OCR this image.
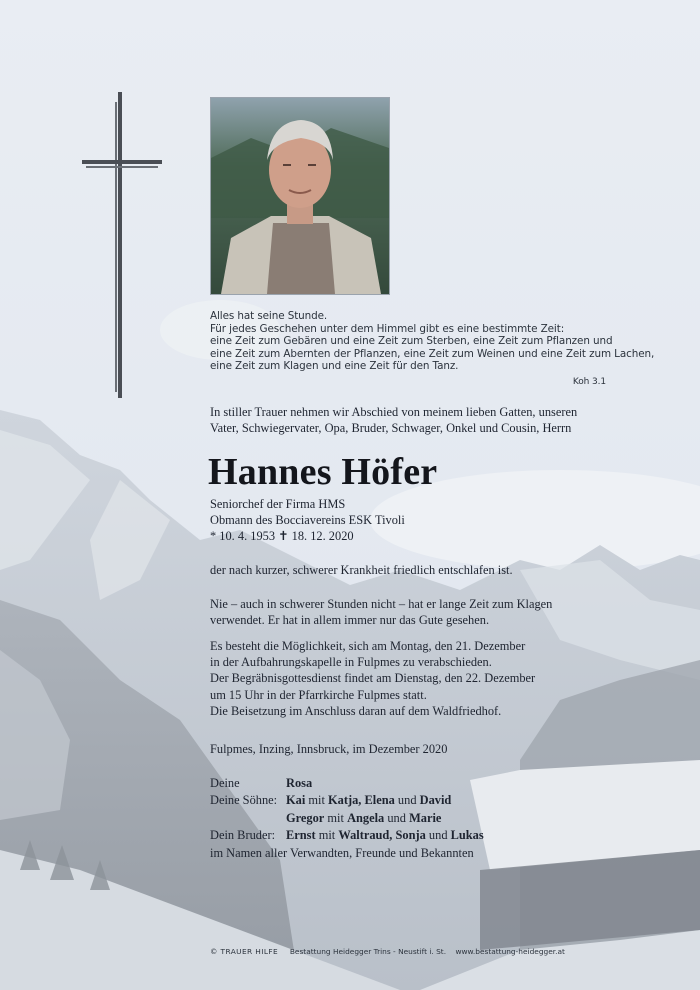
Alles hat seine Stunde.
Für jedes Geschehen unter dem Himmel gibt es eine bestimmte Zeit:
eine Zeit zum Gebären und eine Zeit zum Sterben, eine Zeit zum Pflanzen und
eine Zeit zum Abernten der Pflanzen, eine Zeit zum Weinen und eine Zeit zum Lachen,
eine Zeit zum Klagen und eine Zeit für den Tanz.
Koh 3.1
In stiller Trauer nehmen wir Abschied von meinem lieben Gatten, unseren
Vater, Schwiegervater, Opa, Bruder, Schwager, Onkel und Cousin, Herrn
Hannes Höfer
Seniorchef der Firma HMS
Obmann des Bocciavereins ESK Tivoli
* 10. 4. 1953 ✝ 18. 12. 2020
der nach kurzer, schwerer Krankheit friedlich entschlafen ist.
Nie – auch in schwerer Stunden nicht – hat er lange Zeit zum Klagen
verwendet. Er hat in allem immer nur das Gute gesehen.
Es besteht die Möglichkeit, sich am Montag, den 21. Dezember
in der Aufbahrungskapelle in Fulpmes zu verabschieden.
Der Begräbnisgottesdienst findet am Dienstag, den 22. Dezember
um 15 Uhr in der Pfarrkirche Fulpmes statt.
Die Beisetzung im Anschluss daran auf dem Waldfriedhof.
Fulpmes, Inzing, Innsbruck, im Dezember 2020
Deine	Rosa
Deine Söhne: Kai mit Katja, Elena und David
Gregor mit Angela und Marie
Dein Bruder: Ernst mit Waltraud, Sonja und Lukas
im Namen aller Verwandten, Freunde und Bekannten
© TRAUER HILFE Bestattung Heidegger Trins - Neustift i. St. www.bestattung-heidegger.at
